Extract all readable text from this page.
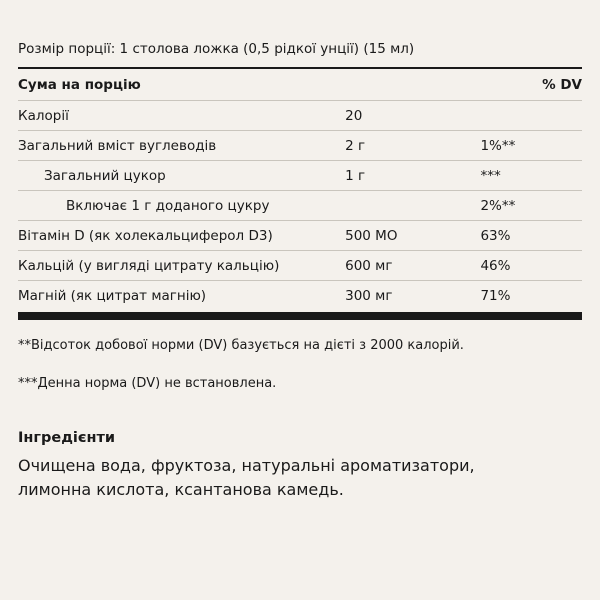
Розмір порції: 1 столова ложка (0,5 рідкої унції) (15 мл)
Сума на порцію		% DV
Калорії	20	
Загальний вміст вуглеводів	2 г	1%**
Загальний цукор	1 г	***
Включає 1 г доданого цукру		2%**
Вітамін D (як холекальциферол D3)	500 МО	63%
Кальцій (у вигляді цитрату кальцію)	600 мг	46%
Магній (як цитрат магнію)	300 мг	71%
**Відсоток добової норми (DV) базується на дієті з 2000 калорій.
***Денна норма (DV) не встановлена.
Інгредієнти
Очищена вода, фруктоза, натуральні ароматизатори, лимонна кислота, ксантанова камедь.
